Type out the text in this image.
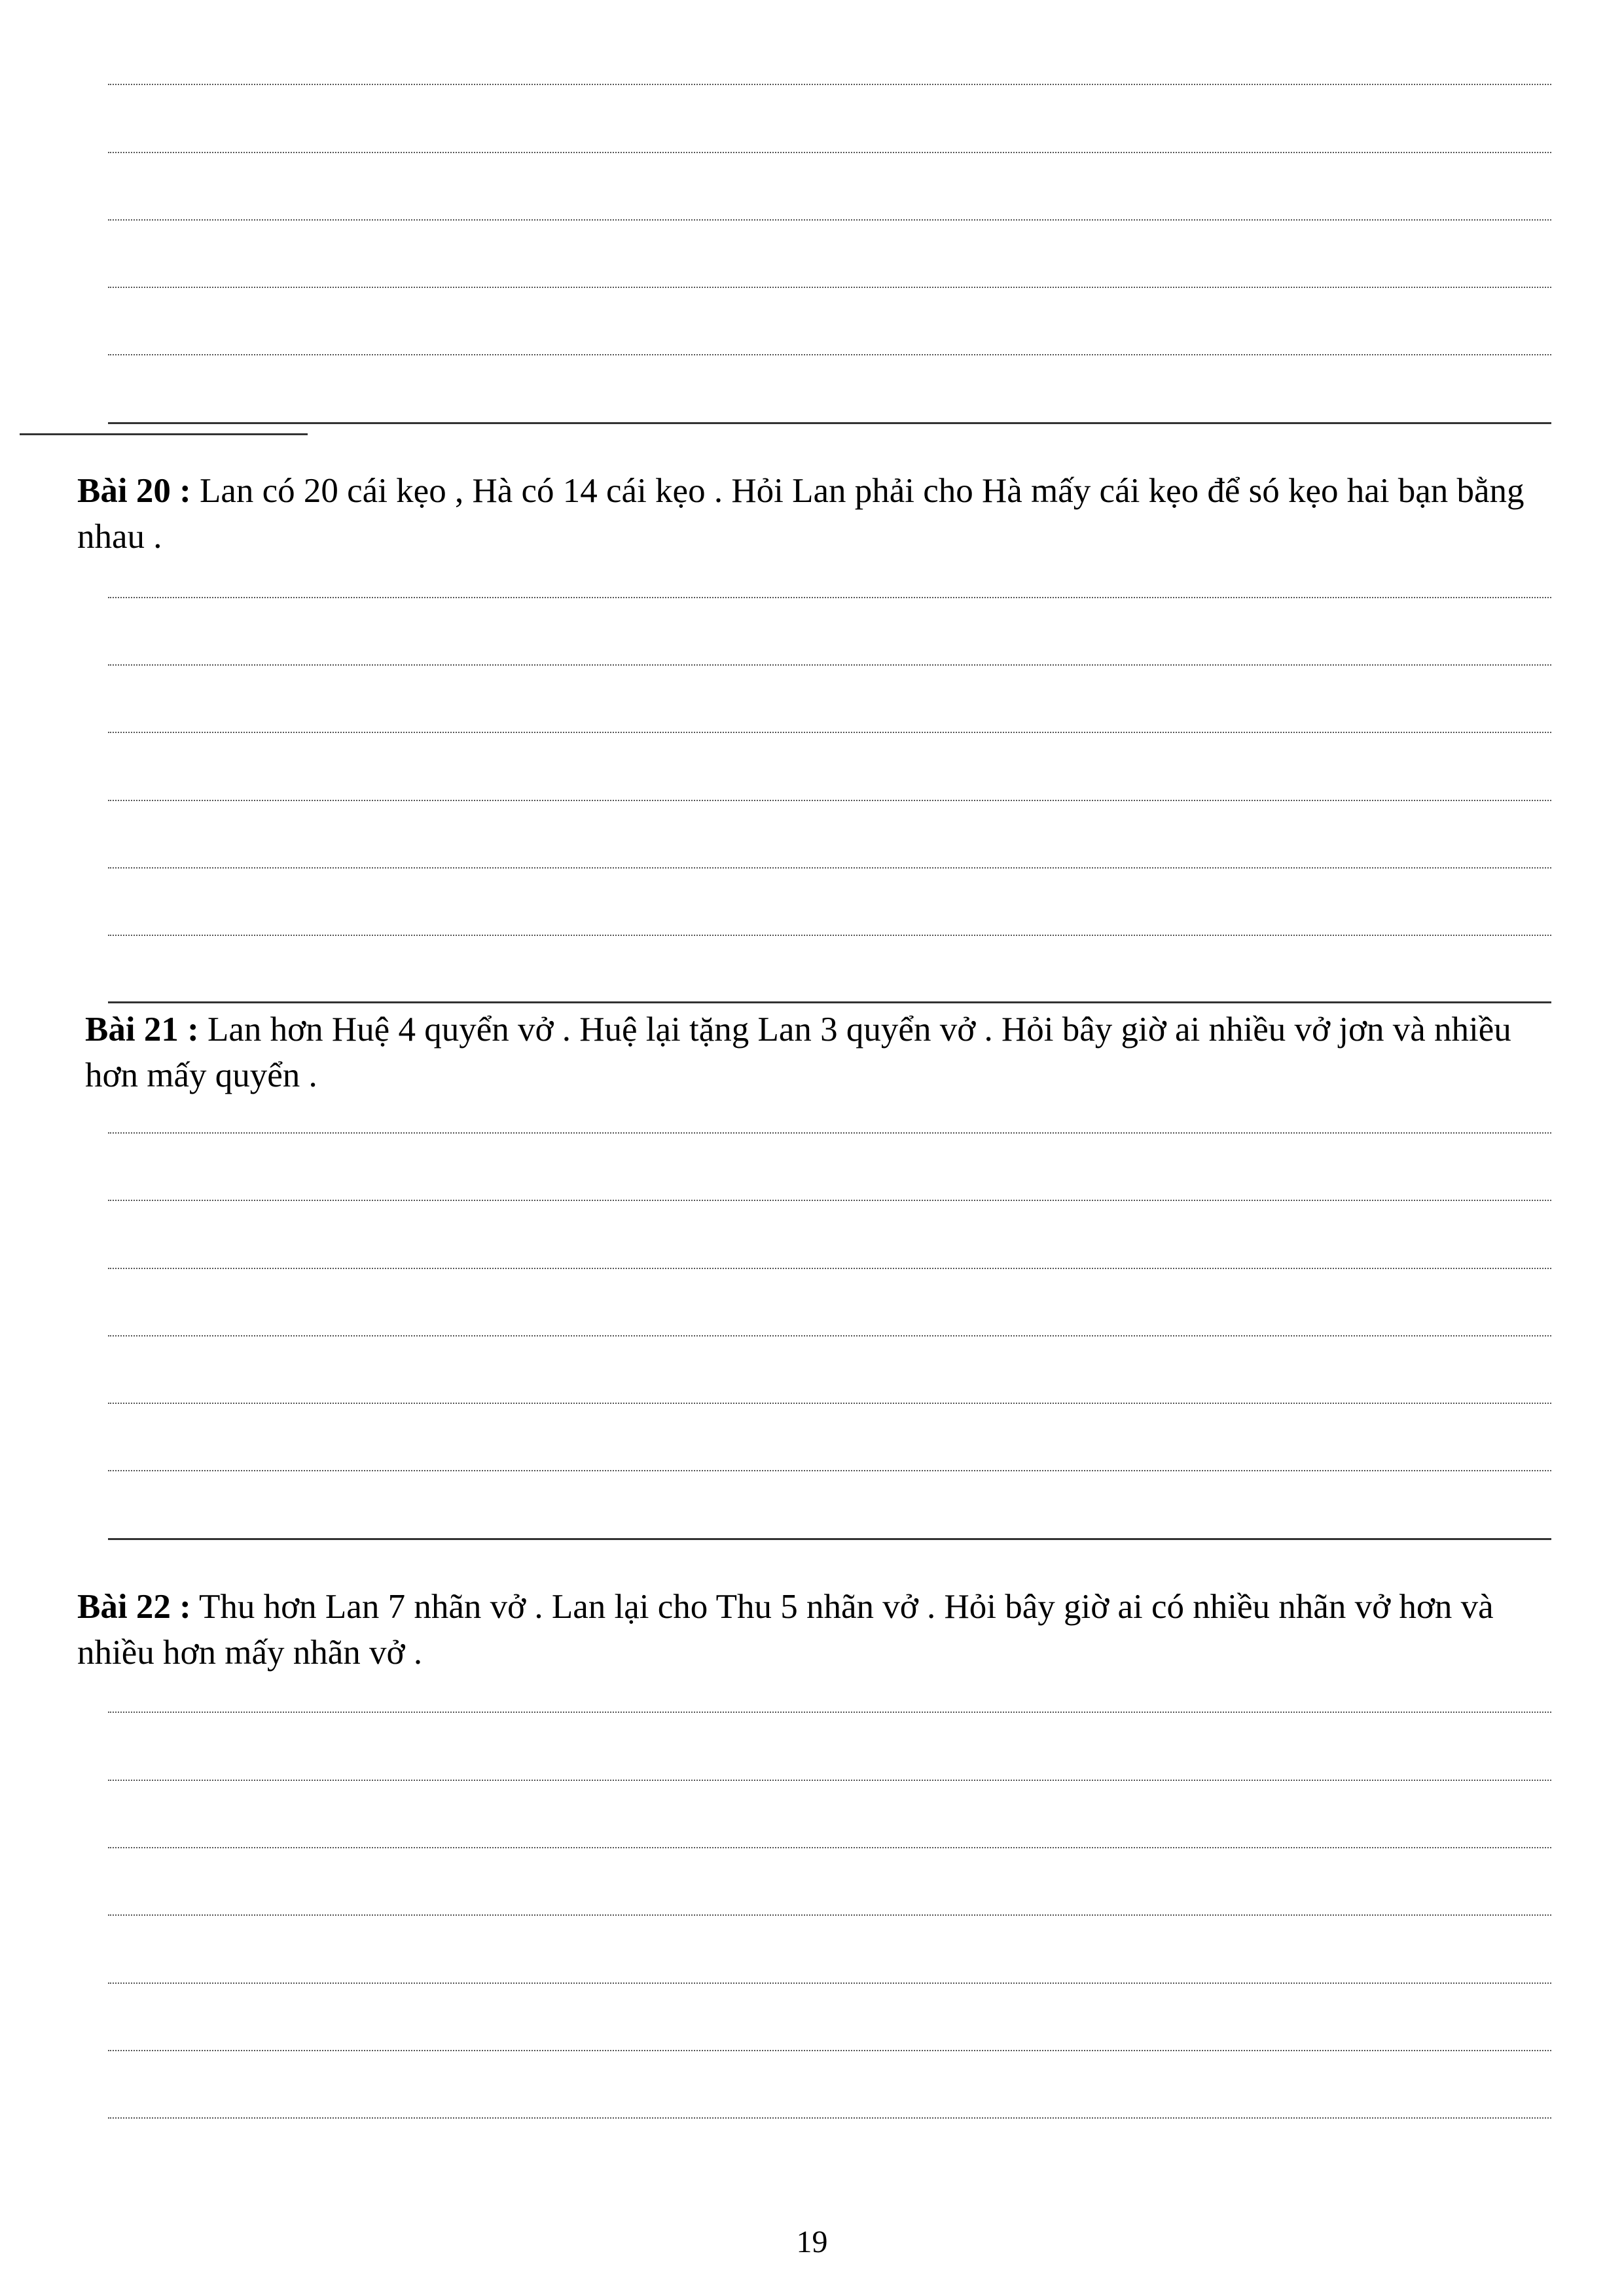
Bài 20 : Lan có 20 cái kẹo , Hà có 14 cái kẹo . Hỏi Lan phải cho Hà mấy cái kẹo để só kẹo hai bạn bằng nhau .
Bài 21 : Lan hơn Huệ 4 quyển vở . Huệ lại tặng Lan 3 quyển vở . Hỏi bây giờ ai nhiều vở jơn và nhiều hơn mấy quyển .
Bài 22 : Thu hơn Lan 7 nhãn vở . Lan lại cho Thu 5 nhãn vở . Hỏi bây giờ ai có nhiều nhãn vở hơn và nhiều hơn mấy nhãn vở .
19
